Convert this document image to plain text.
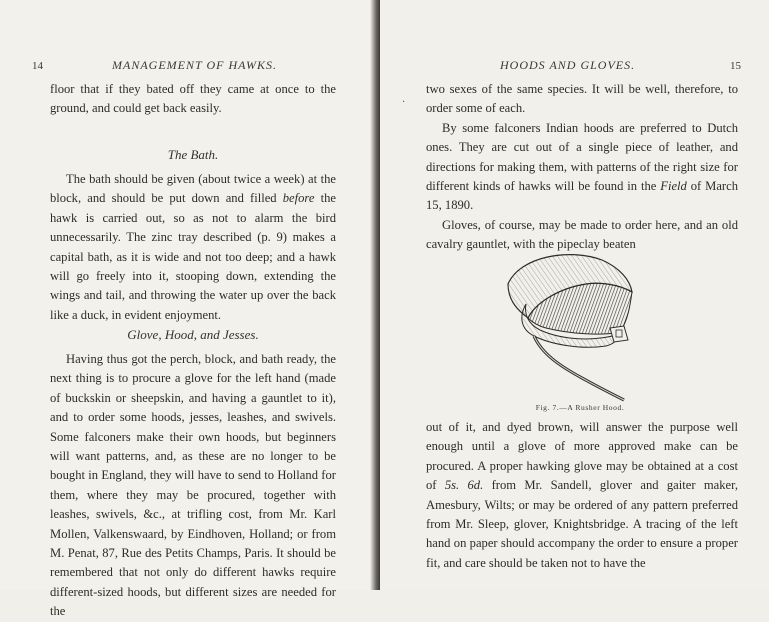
14	MANAGEMENT OF HAWKS.

floor that if they bated off they came at once to the ground, and could get back easily.

The Bath.

The bath should be given (about twice a week) at the block, and should be put down and filled before the hawk is carried out, so as not to alarm the bird unnecessarily. The zinc tray described (p. 9) makes a capital bath, as it is wide and not too deep; and a hawk will go freely into it, stooping down, extending the wings and tail, and throwing the water up over the back like a duck, in evident enjoyment.

Glove, Hood, and Jesses.

Having thus got the perch, block, and bath ready, the next thing is to procure a glove for the left hand (made of buckskin or sheepskin, and having a gauntlet to it), and to order some hoods, jesses, leashes, and swivels. Some falconers make their own hoods, but beginners will want patterns, and, as these are no longer to be bought in England, they will have to send to Holland for them, where they may be procured, together with leashes, swivels, &c., at trifling cost, from Mr. Karl Mollen, Valkenswaard, by Eindhoven, Holland; or from M. Penat, 87, Rue des Petits Champs, Paris. It should be remembered that not only do different hawks require different-sized hoods, but different sizes are needed for the

HOODS AND GLOVES.	15
·

two sexes of the same species. It will be well, therefore, to order some of each.

By some falconers Indian hoods are preferred to Dutch ones. They are cut out of a single piece of leather, and directions for making them, with patterns of the right size for different kinds of hawks will be found in the Field of March 15, 1890.

Gloves, of course, may be made to order here, and an old cavalry gauntlet, with the pipeclay beaten

Fig. 7.—A Rusher Hood.

out of it, and dyed brown, will answer the purpose well enough until a glove of more approved make can be procured. A proper hawking glove may be obtained at a cost of 5s. 6d. from Mr. Sandell, glover and gaiter maker, Amesbury, Wilts; or may be ordered of any pattern preferred from Mr. Sleep, glover, Knightsbridge. A tracing of the left hand on paper should accompany the order to ensure a proper fit, and care should be taken not to have the
